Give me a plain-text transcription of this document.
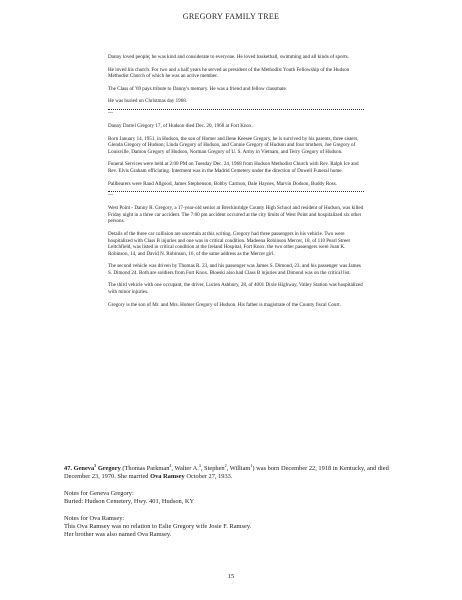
GREGORY FAMILY TREE

Danny loved people; he was kind and considerate to everyone. He loved basketball, swimming and all kinds of sports.

He loved his church. For two and a half years he served as president of the Methodist Youth Fellowship of the Hudson Methodist Church of which he was an active member.

The Class of '69 pays tribute to Danny's memory. He was a friend and fellow classmate.

He was buried on Christmas day 1968.

---

Danny Darrel Gregory 17, of Hudson died Dec. 20, 1968 at Fort Knox.

Born January 14, 1951, in Hudson, the son of Homer and Ilene Keesee Gregory, he is survived by his parents, three sisters, Glenda Gregory of Hudson; Linda Gregory of Hudson, and Connie Gregory of Hudson and four brothers, Joe Gregory of Louisville, Damon Gregory of Hudson, Norman Gregory of U. S. Army in Vietnam, and Terry Gregory of Hudson.

Funeral Services were held at 2:00 PM on Tuesday Dec. 24, 1968 from Hudson Methodist Church with Rev. Ralph Ice and Rev. Elvis Graham officiating. Interment was in the Madrid Cemetery under the direction of Dowell Funeral home.

Pallbearers were Rand Allgood, James Stephenson, Bobby Carmon, Dale Haynes, Marvin Dodson, Buddy Ross.

---

West Point - Danny R. Gregory, a 17-year-old senior at Breckinridge County High School and resident of Hudson, was killed Friday night in a three car accident. The 7:00 pm accident occurred at the city limits of West Point and hospitalized six other persons.

Details of the three car collision are uncertain at this writing. Gregory had three passengers in his vehicle. Two were hospitalized with Class B injuries and one was in critical condition. Madeena Robinson Mercer, 18, of 110 Pearl Street Leitchfield, was listed in critical condition at the Ireland Hospital, Fort Knox. the two other passengers were Joan K. Robinson, 14, and David N. Robinson, 16, of the same address as the Mercer girl.

The second vehicle was driven by Thomas R. 23, and his passenger was James S. Dimond, 23. and his passenger was James S. Dimond 24. Both are soldiers from Fort Knox. Bloeski also had Class B injuries and Dimond was on the critical list.

The third vehicle with one occupant, the driver, Lucien Ashbury, 28, of 4001 Dixie Highway, Valley Station was hospitalized with minor injuries.

Gregory is the son of Mr. and Mrs. Homer Gregory of Hudson. His father is magistrate of the County fiscal Court.

47. Geneva$^5$ Gregory (Thomas Parkman$^4$, Walter A.$^3$, Stephen$^2$, William$^1$) was born December 22, 1918 in Kentucky, and died December 23, 1970. She married Ova Ramsey October 27, 1933.

Notes for Geneva Gregory:

Buried: Hudson Cemetery, Hwy. 401, Hudson, KY

Notes for Ova Ramsey:

This Ova Ramsey was no relation to Eslie Gregory wife Josie F. Ramsey.

Her brother was also named Ova Ramsey.

15
